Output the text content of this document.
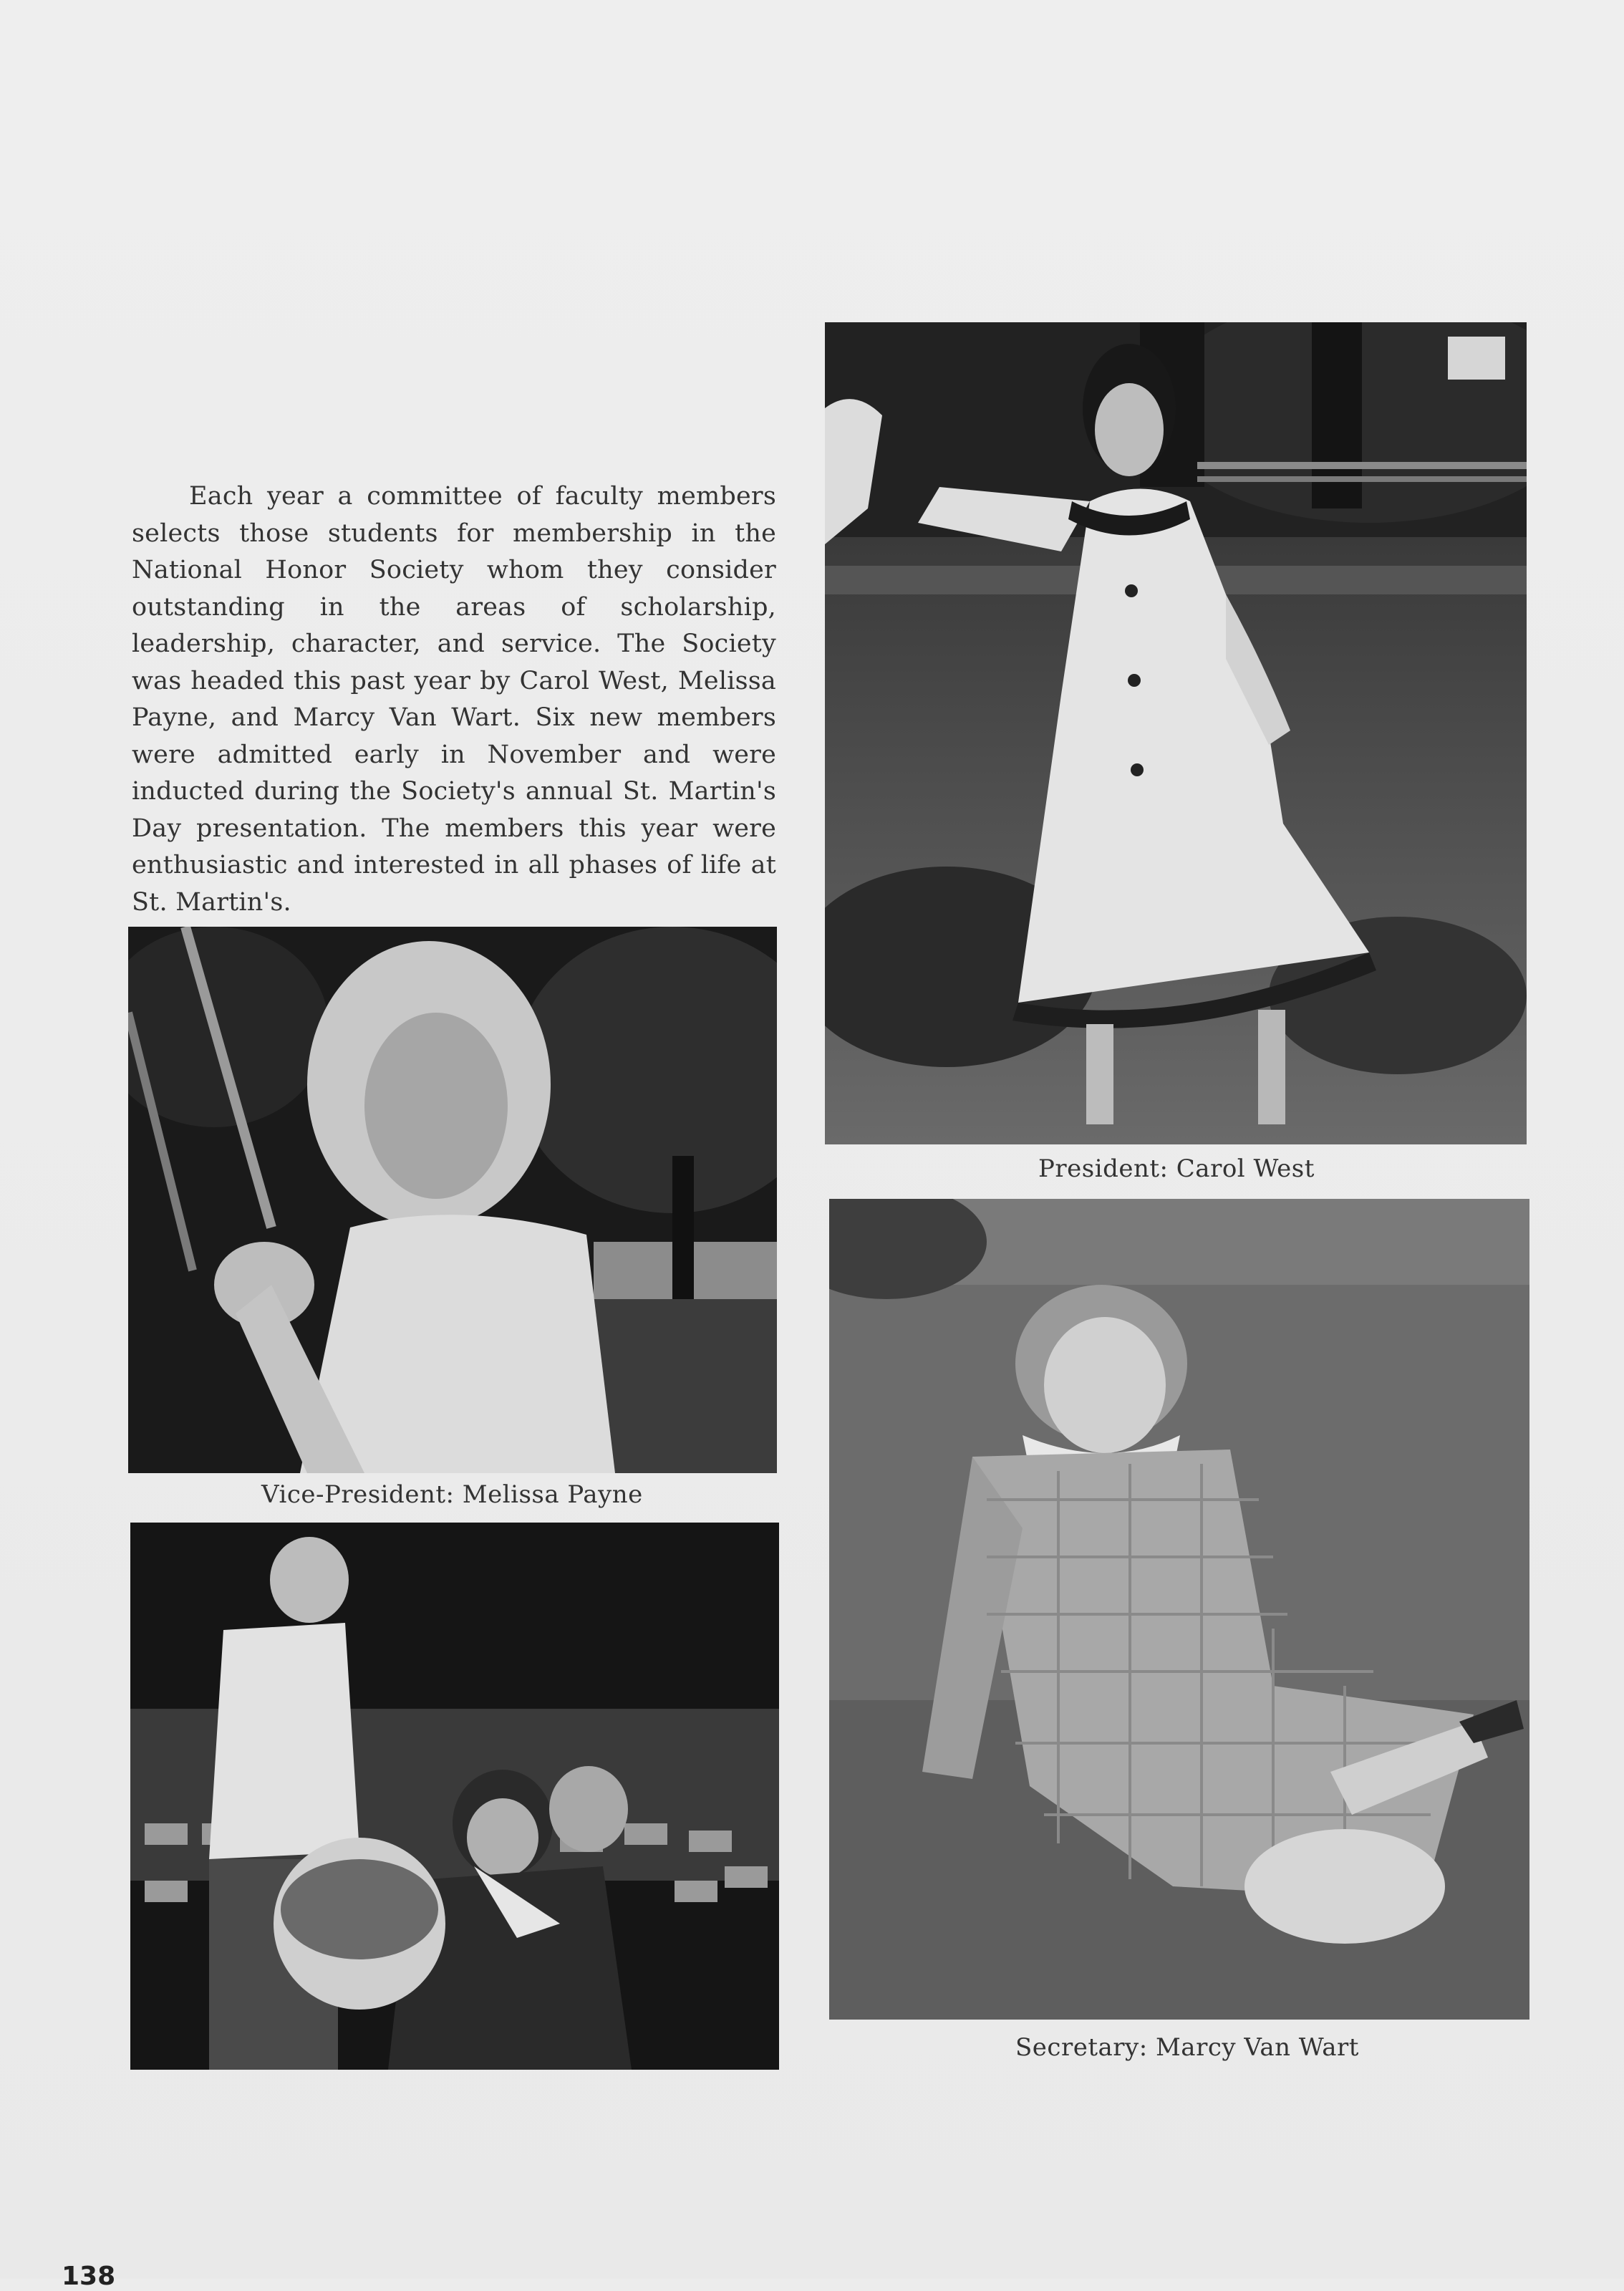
Each year a committee of faculty members selects those students for membership in the National Honor Society whom they consider outstanding in the areas of scholarship, leadership, character, and service. The Society was headed this past year by Carol West, Melissa Payne, and Marcy Van Wart. Six new members were admitted early in November and were inducted during the Society's annual St. Martin's Day presentation. The members this year were enthusiastic and interested in all phases of life at St. Martin's.

President: Carol West
Vice-President: Melissa Payne
Secretary: Marcy Van Wart
138
